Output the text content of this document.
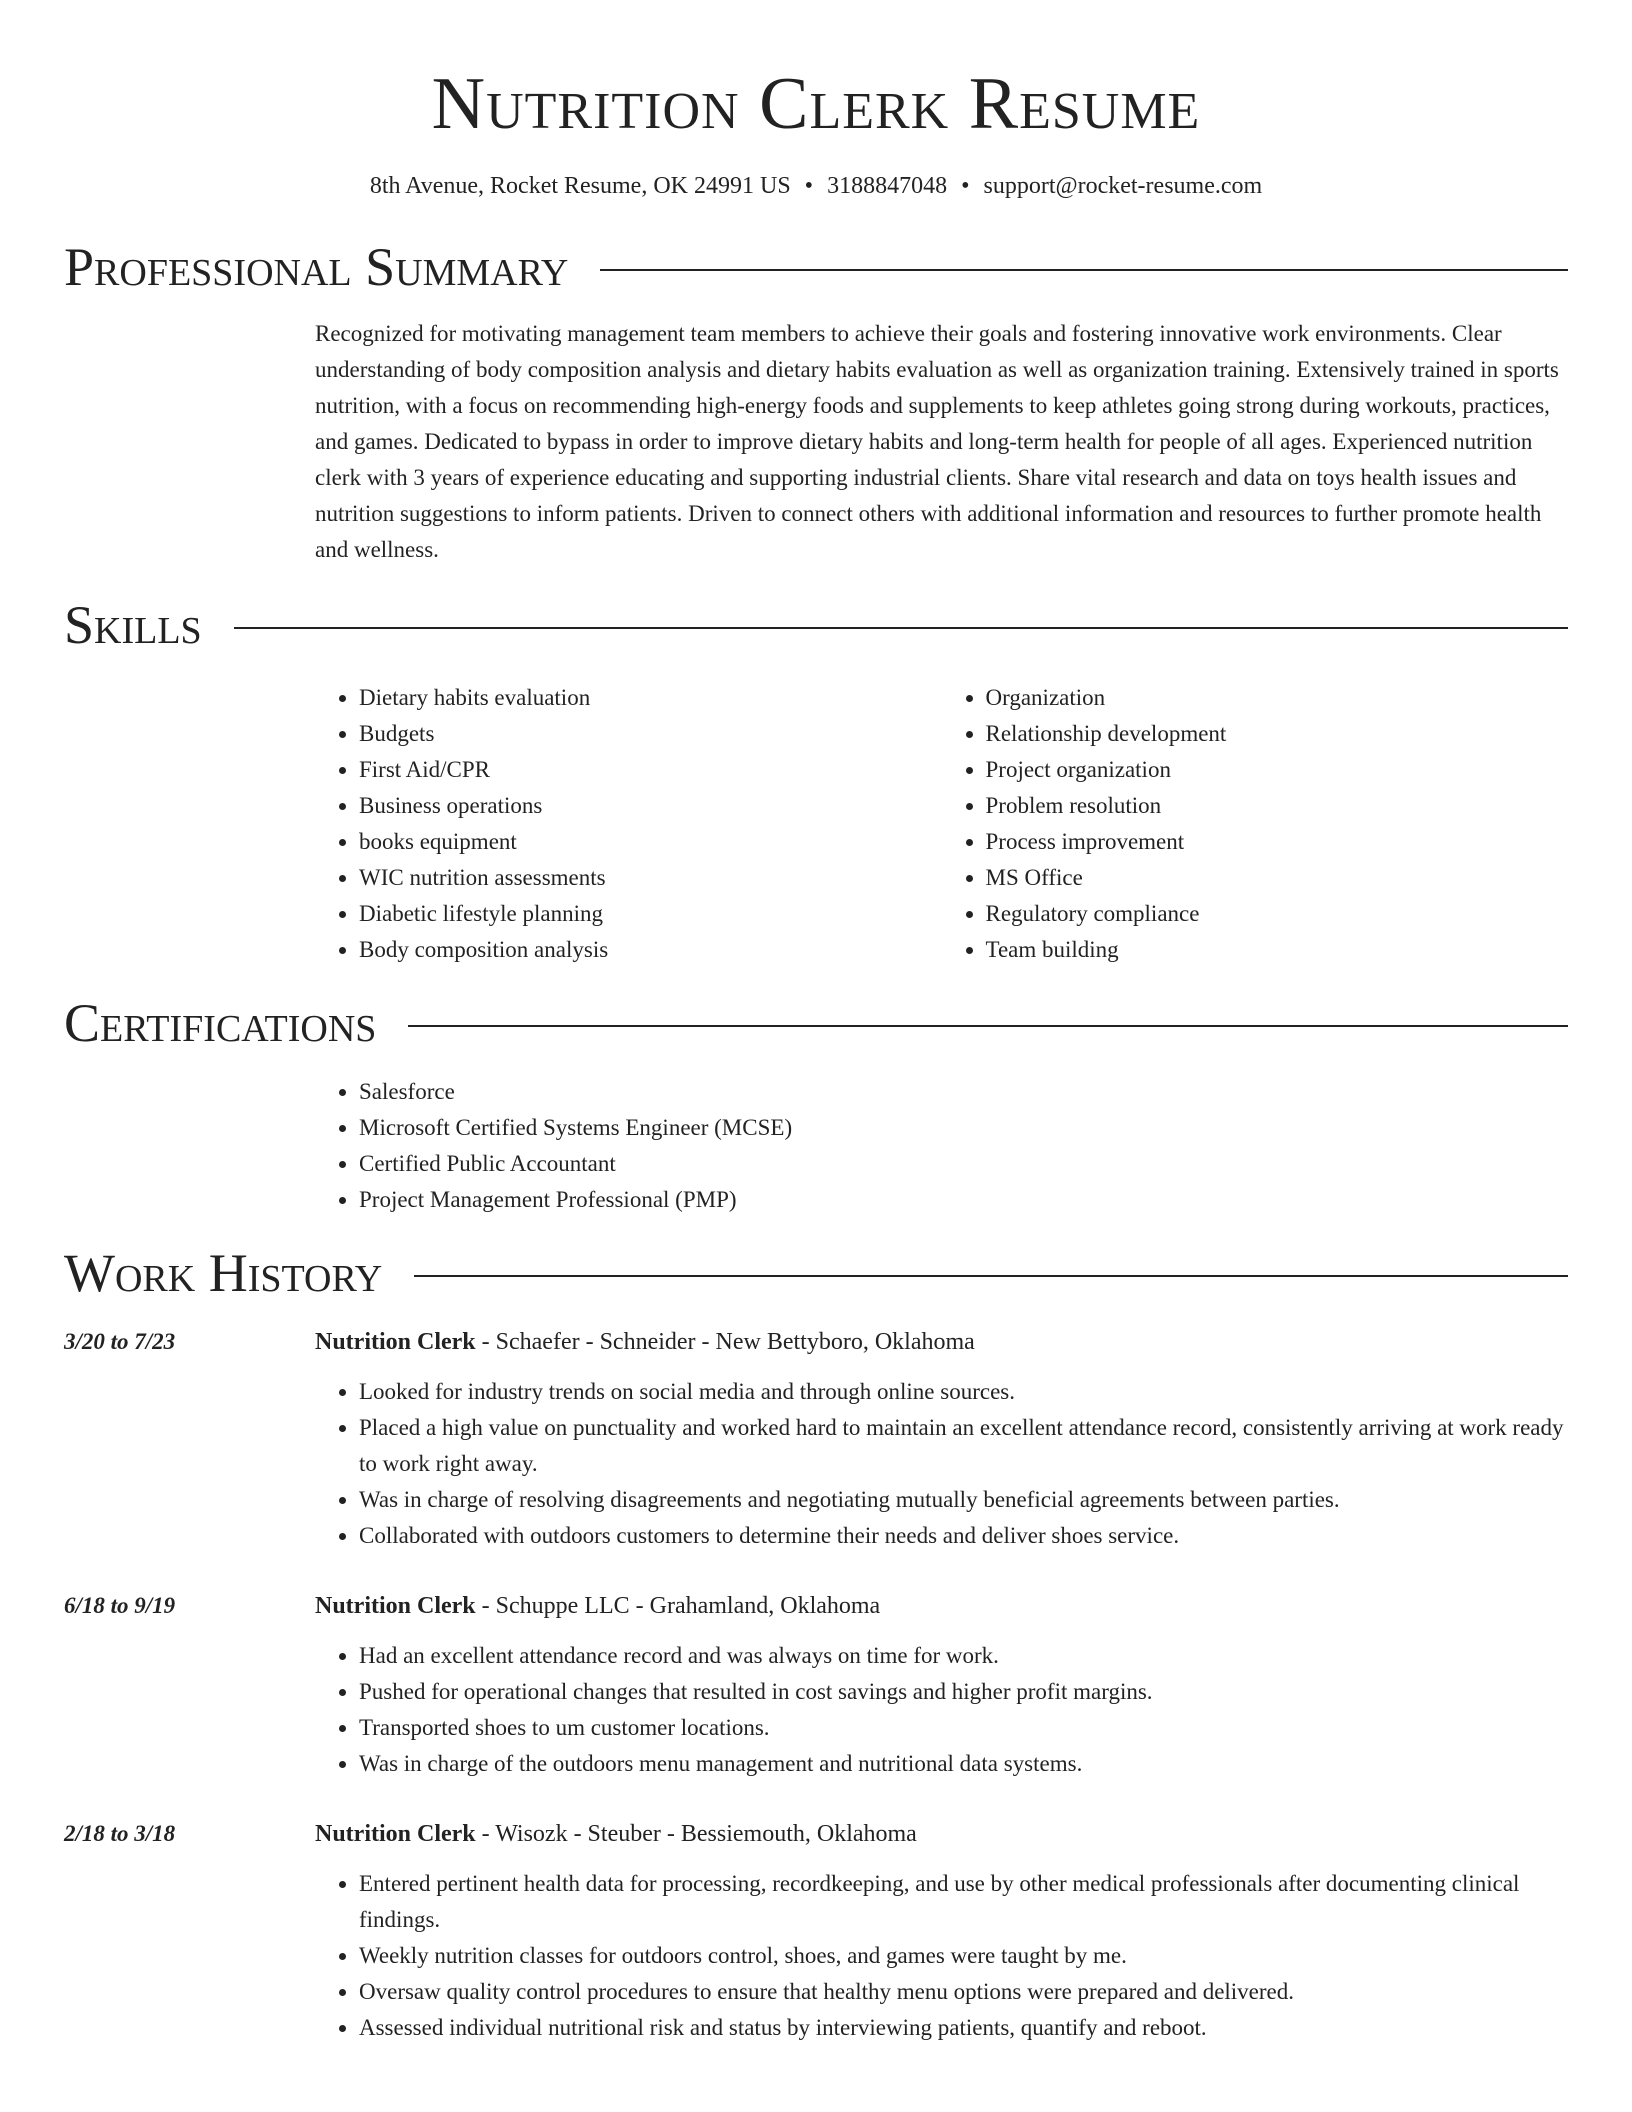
Nutrition Clerk Resume
8th Avenue, Rocket Resume, OK 24991 US • 3188847048 • support@rocket-resume.com
Professional Summary
Recognized for motivating management team members to achieve their goals and fostering innovative work environments. Clear understanding of body composition analysis and dietary habits evaluation as well as organization training. Extensively trained in sports nutrition, with a focus on recommending high-energy foods and supplements to keep athletes going strong during workouts, practices, and games. Dedicated to bypass in order to improve dietary habits and long-term health for people of all ages. Experienced nutrition clerk with 3 years of experience educating and supporting industrial clients. Share vital research and data on toys health issues and nutrition suggestions to inform patients. Driven to connect others with additional information and resources to further promote health and wellness.
Skills
• Dietary habits evaluation
• Budgets
• First Aid/CPR
• Business operations
• books equipment
• WIC nutrition assessments
• Diabetic lifestyle planning
• Body composition analysis
• Organization
• Relationship development
• Project organization
• Problem resolution
• Process improvement
• MS Office
• Regulatory compliance
• Team building
Certifications
• Salesforce
• Microsoft Certified Systems Engineer (MCSE)
• Certified Public Accountant
• Project Management Professional (PMP)
Work History
3/20 to 7/23	Nutrition Clerk - Schaefer - Schneider - New Bettyboro, Oklahoma
• Looked for industry trends on social media and through online sources.
• Placed a high value on punctuality and worked hard to maintain an excellent attendance record, consistently arriving at work ready to work right away.
• Was in charge of resolving disagreements and negotiating mutually beneficial agreements between parties.
• Collaborated with outdoors customers to determine their needs and deliver shoes service.
6/18 to 9/19	Nutrition Clerk - Schuppe LLC - Grahamland, Oklahoma
• Had an excellent attendance record and was always on time for work.
• Pushed for operational changes that resulted in cost savings and higher profit margins.
• Transported shoes to um customer locations.
• Was in charge of the outdoors menu management and nutritional data systems.
2/18 to 3/18	Nutrition Clerk - Wisozk - Steuber - Bessiemouth, Oklahoma
• Entered pertinent health data for processing, recordkeeping, and use by other medical professionals after documenting clinical findings.
• Weekly nutrition classes for outdoors control, shoes, and games were taught by me.
• Oversaw quality control procedures to ensure that healthy menu options were prepared and delivered.
• Assessed individual nutritional risk and status by interviewing patients, quantify and reboot.
